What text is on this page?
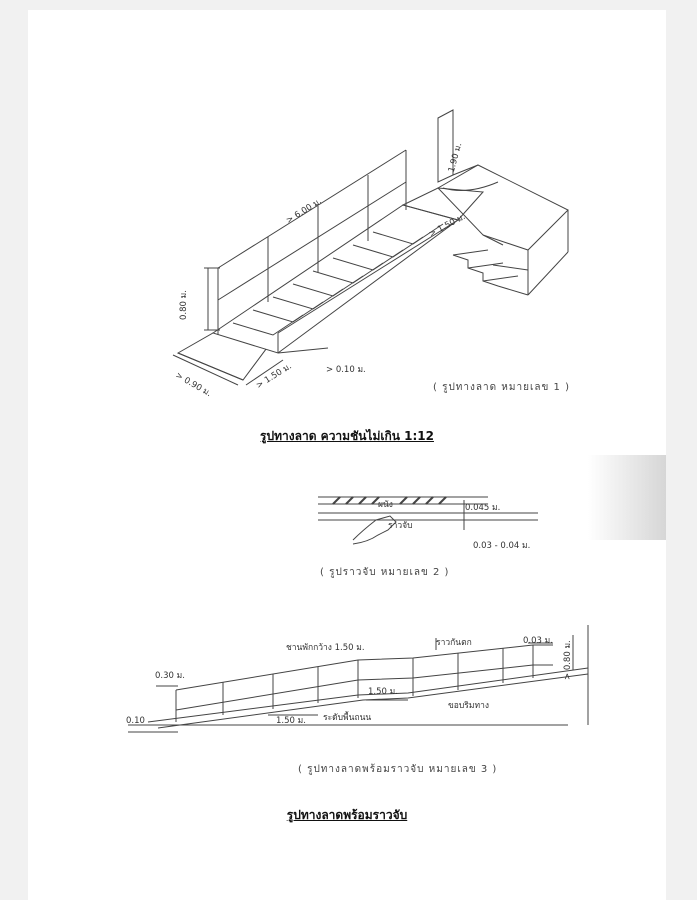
> 6.00 ม.
1.90 ม.
> 1.50 ม.
0.80 ม.
> 0.90 ม.	> 1.50 ม.	> 0.10 ม.
( รูปทางลาด หมายเลข 1 )
รูปทางลาด ความชันไม่เกิน 1:12
ผนัง
ราวจับ
0.045 ม.
0.03 - 0.04 ม.
( รูปราวจับ หมายเลข 2 )
ชานพักกว้าง 1.50 ม.	ราวกันตก	0.03 ม.	> 0.80 ม.
0.30 ม.
1.50 ม.
ขอบริมทาง
ระดับพื้นถนน
1.50 ม.
0.10
( รูปทางลาดพร้อมราวจับ หมายเลข 3 )
รูปทางลาดพร้อมราวจับ
